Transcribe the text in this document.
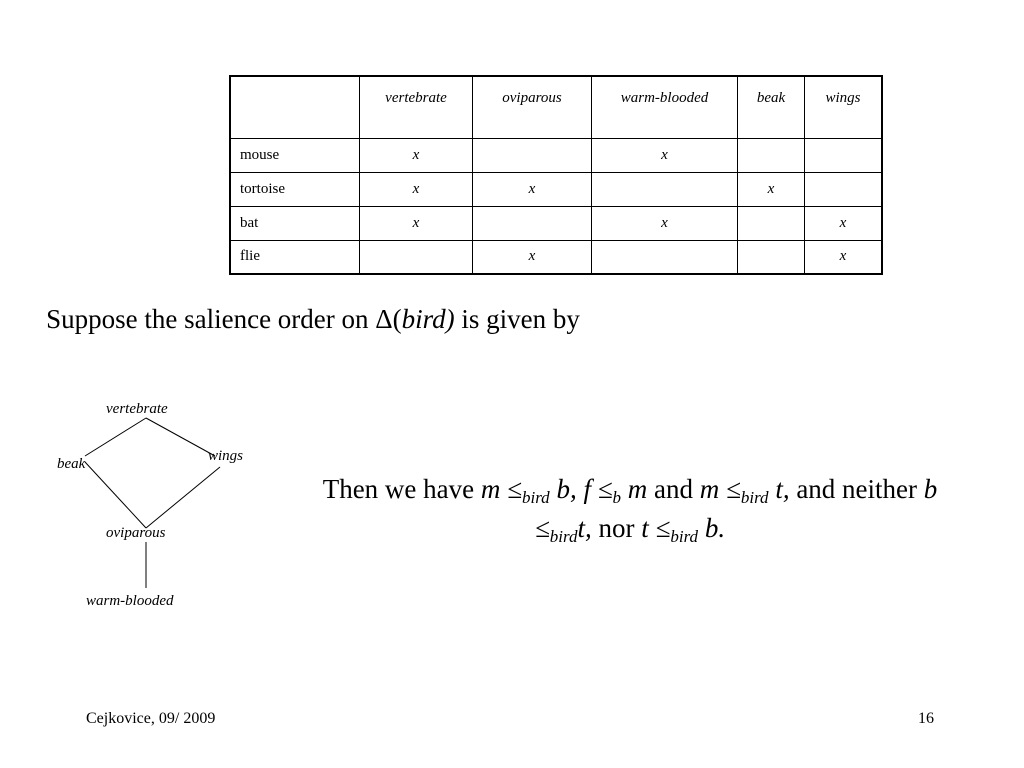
	vertebrate	oviparous	warm-blooded	beak	wings
mouse	x		x		
tortoise	x	x		x	
bat	x		x		x
flie		x			x
Suppose the salience order on Δ(bird) is given by
vertebrate
beak	wings
oviparous
warm-blooded
Then we have $m \le_{bird}$ b, $f \le_b$ m and $m \le_{bird}$ t, and neither $b \le_{bird}t$, nor $t \le_{bird}$ b.
Cejkovice, 09/ 2009	16
